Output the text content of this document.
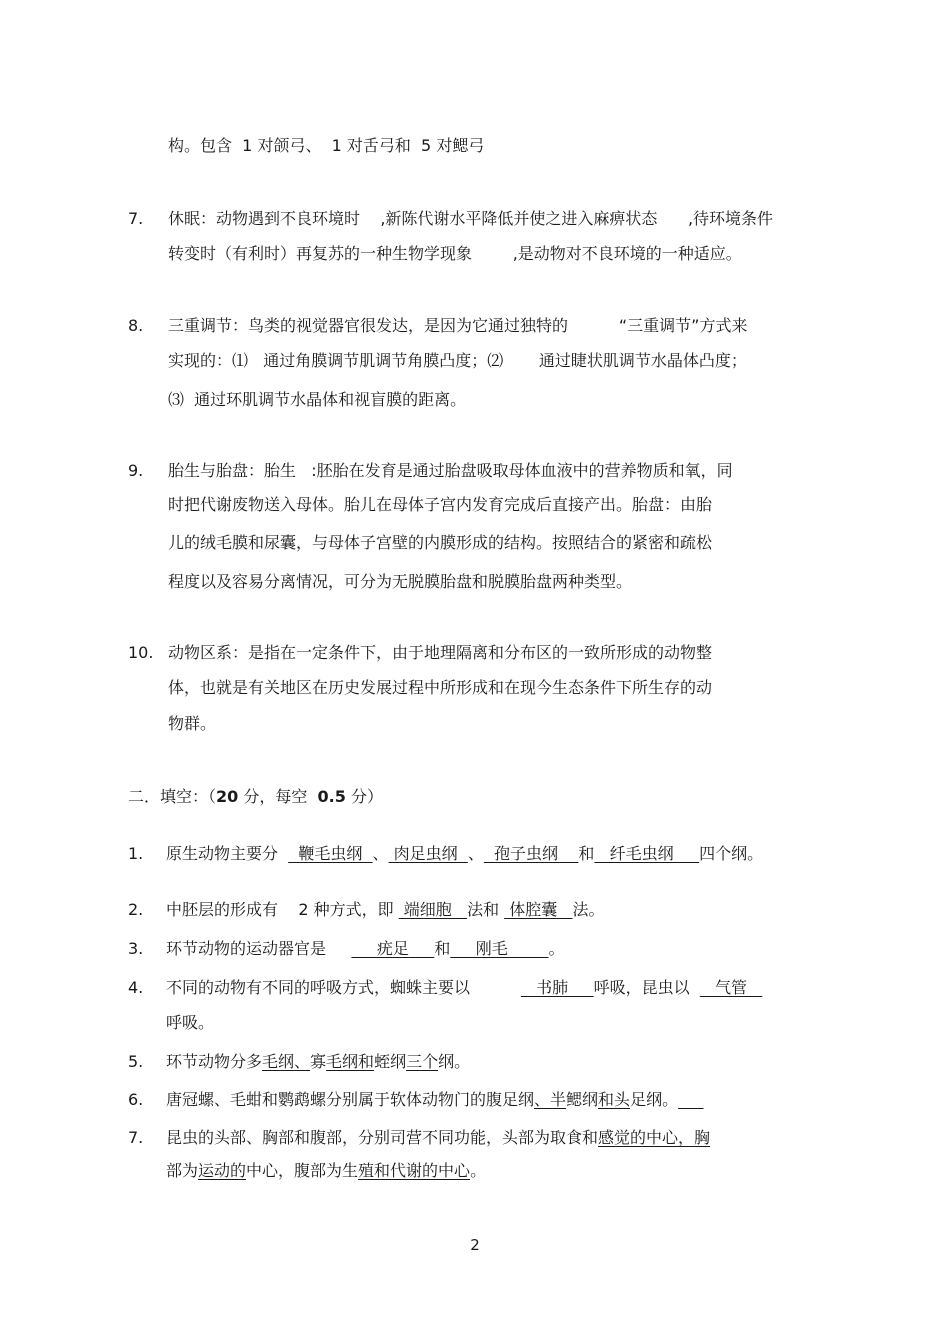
构。包含  1 对颌弓、  1 对舌弓和  5 对鳃弓
7. 休眠：动物遇到不良环境时    ,新陈代谢水平降低并使之进入麻痹状态      ,待环境条件
转变时（有利时）再复苏的一种生物学现象        ,是动物对不良环境的一种适应。
8. 三重调节：鸟类的视觉器官很发达，是因为它通过独特的          “三重调节”方式来
实现的：⑴   通过角膜调节肌调节角膜凸度；⑵       通过睫状肌调节水晶体凸度；
⑶  通过环肌调节水晶体和视盲膜的距离。
9. 胎生与胎盘：胎生   :胚胎在发育是通过胎盘吸取母体血液中的营养物质和氧，同
时把代谢废物送入母体。胎儿在母体子宫内发育完成后直接产出。胎盘：由胎
儿的绒毛膜和尿囊，与母体子宫壁的内膜形成的结构。按照结合的紧密和疏松
程度以及容易分离情况，可分为无脱膜胎盘和脱膜胎盘两种类型。
10. 动物区系：是指在一定条件下，由于地理隔离和分布区的一致所形成的动物整
体，也就是有关地区在历史发展过程中所形成和在现今生态条件下所生存的动
物群。
二．填空：（20 分，每空  0.5 分）
1. 原生动物主要分    鞭毛虫纲  、 肉足虫纲  、  孢子虫纲    和   纤毛虫纲     四个纲。
2. 中胚层的形成有    2 种方式，即  端细胞   法和  体腔囊   法。
3. 环节动物的运动器官是          疣足     和     刚毛        。
4. 不同的动物有不同的呼吸方式，蜘蛛主要以             书肺     呼吸，昆虫以     气管
呼吸。
5. 环节动物分多毛纲、寡毛纲和蛭纲三个纲。
6. 唐冠螺、毛蚶和鹦鹉螺分别属于软体动物门的腹足纲、半鳃纲和头足纲。
7. 昆虫的头部、胸部和腹部，分别司营不同功能，头部为取食和感觉的中心，胸
部为运动的中心，腹部为生殖和代谢的中心。
2
